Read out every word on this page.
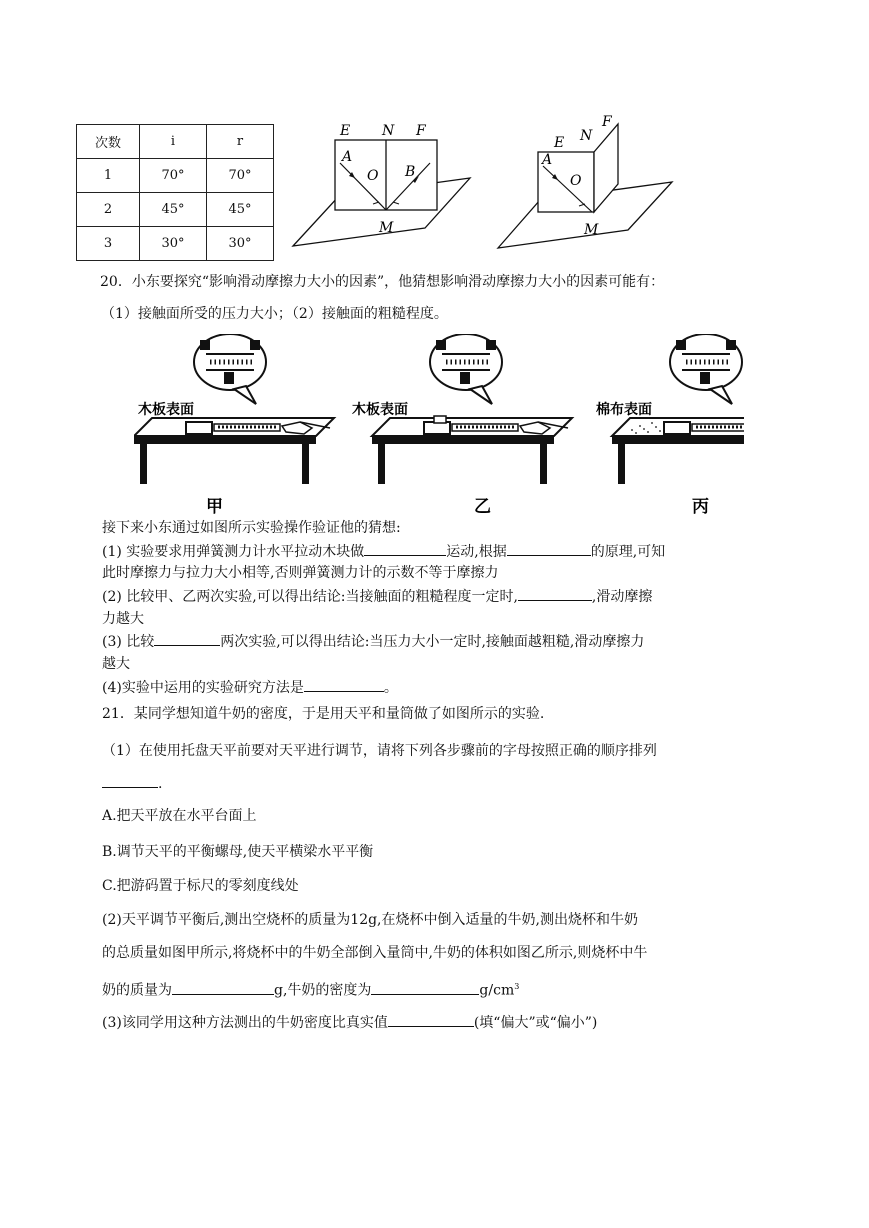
次数	i	r
1	70°	70°
2	45°	45°
3	30°	30°
E N F
A
O B
M
E N
F
A
O
M
20．小东要探究“影响滑动摩擦力大小的因素”，他猜想影响滑动摩擦力大小的因素可能有：
（1）接触面所受的压力大小；（2）接触面的粗糙程度。
木板表面
甲
木板表面
乙
棉布表面
丙
接下来小东通过如图所示实验操作验证他的猜想:
(1) 实验要求用弹簧测力计水平拉动木块做	运动,根据	的原理,可知
此时摩擦力与拉力大小相等,否则弹簧测力计的示数不等于摩擦力
(2) 比较甲、乙两次实验,可以得出结论:当接触面的粗糙程度一定时,	,滑动摩擦
力越大
(3) 比较	两次实验,可以得出结论:当压力大小一定时,接触面越粗糙,滑动摩擦力
越大
(4)实验中运用的实验研究方法是	。
21．某同学想知道牛奶的密度，于是用天平和量筒做了如图所示的实验.
（1）在使用托盘天平前要对天平进行调节，请将下列各步骤前的字母按照正确的顺序排列
.
A.把天平放在水平台面上
B.调节天平的平衡螺母,使天平横梁水平平衡
C.把游码置于标尺的零刻度线处
(2)天平调节平衡后,测出空烧杯的质量为12g,在烧杯中倒入适量的牛奶,测出烧杯和牛奶
的总质量如图甲所示,将烧杯中的牛奶全部倒入量筒中,牛奶的体积如图乙所示,则烧杯中牛
奶的质量为	g,牛奶的密度为	$g/cm^3$
(3)该同学用这种方法测出的牛奶密度比真实值	(填“偏大”或“偏小”)
